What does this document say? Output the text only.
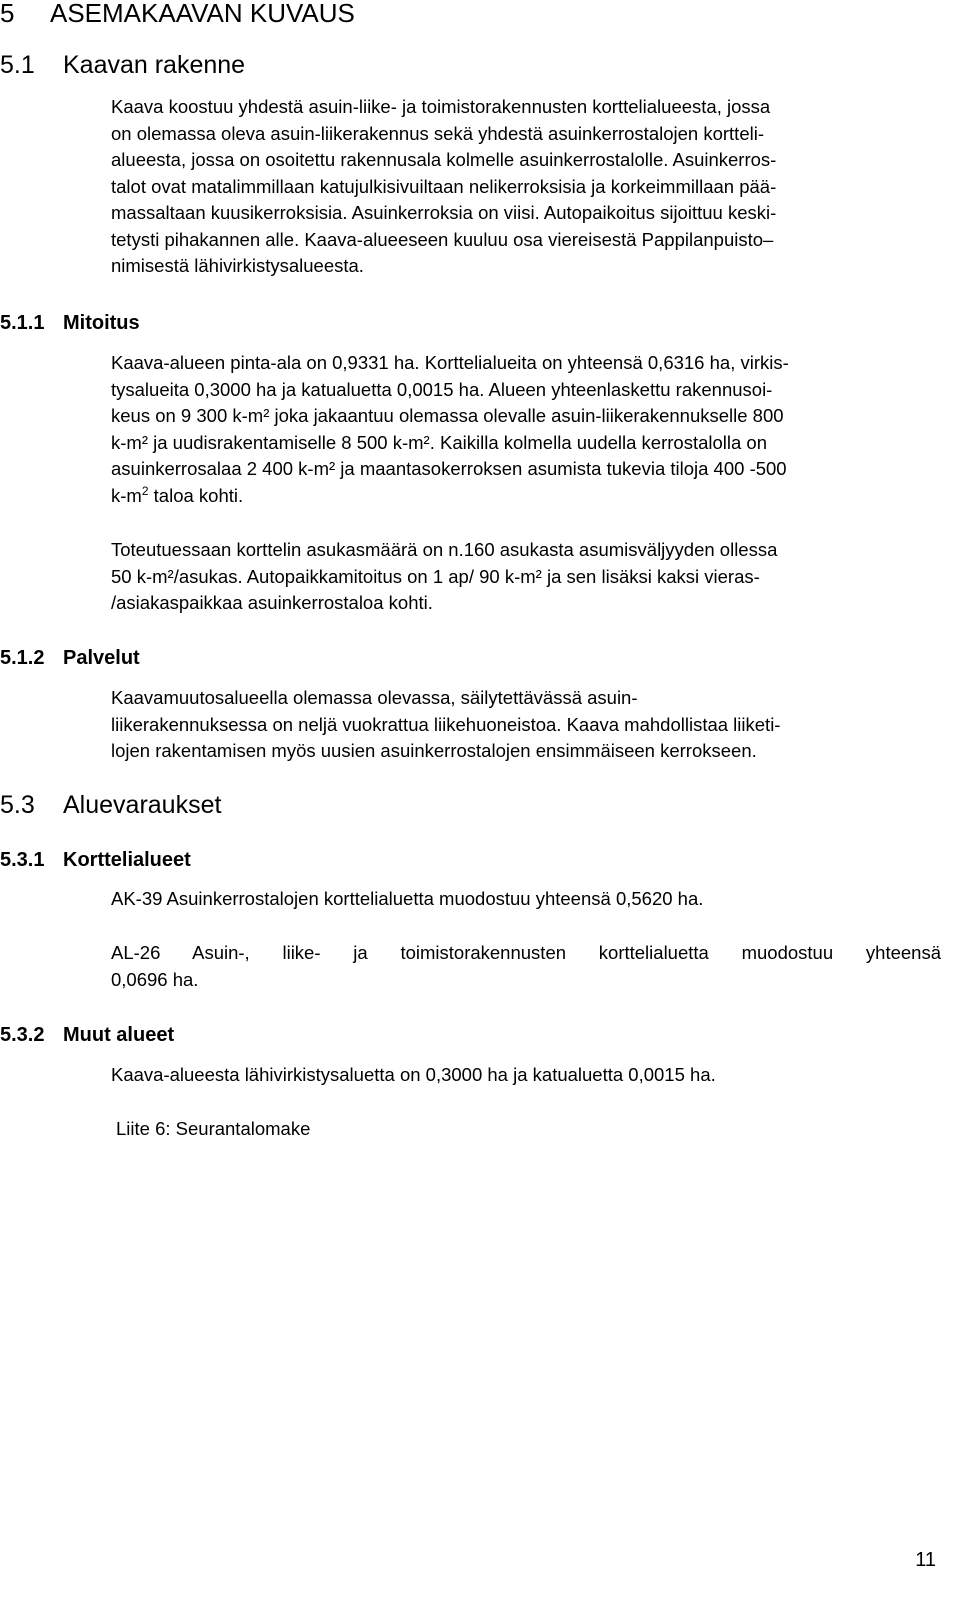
5 ASEMAKAAVAN KUVAUS
5.1 Kaavan rakenne
Kaava koostuu yhdestä asuin-liike- ja toimistorakennusten korttelialueesta, jossa
on olemassa oleva asuin-liikerakennus sekä yhdestä asuinkerrostalojen kortteli-
alueesta, jossa on osoitettu rakennusala kolmelle asuinkerrostalolle. Asuinkerros-
talot ovat matalimmillaan katujulkisivuiltaan nelikerroksisia ja korkeimmillaan pää-
massaltaan kuusikerroksisia. Asuinkerroksia on viisi. Autopaikoitus sijoittuu keski-
tetysti pihakannen alle. Kaava-alueeseen kuuluu osa viereisestä Pappilanpuisto–
nimisestä lähivirkistysalueesta.
5.1.1 Mitoitus
Kaava-alueen pinta-ala on 0,9331 ha. Korttelialueita on yhteensä 0,6316 ha, virkis-
tysalueita 0,3000 ha ja katualuetta 0,0015 ha. Alueen yhteenlaskettu rakennusoi-
keus on 9 300 k-m² joka jakaantuu olemassa olevalle asuin-liikerakennukselle 800
k-m² ja uudisrakentamiselle 8 500 k-m². Kaikilla kolmella uudella kerrostalolla on
asuinkerrosalaa 2 400 k-m² ja maantasokerroksen asumista tukevia tiloja 400 -500
$k-m^2$ taloa kohti.
Toteutuessaan korttelin asukasmäärä on n.160 asukasta asumisväljyyden ollessa
50 k-m²/asukas. Autopaikkamitoitus on 1 ap/ 90 k-m² ja sen lisäksi kaksi vieras-
/asiakaspaikkaa asuinkerrostaloa kohti.
5.1.2 Palvelut
Kaavamuutosalueella olemassa olevassa, säilytettävässä asuin-
liikerakennuksessa on neljä vuokrattua liikehuoneistoa. Kaava mahdollistaa liiketi-
lojen rakentamisen myös uusien asuinkerrostalojen ensimmäiseen kerrokseen.
5.3 Aluevaraukset
5.3.1 Korttelialueet
AK-39 Asuinkerrostalojen korttelialuetta muodostuu yhteensä 0,5620 ha.
AL-26 Asuin-, liike- ja toimistorakennusten korttelialuetta muodostuu yhteensä
0,0696 ha.
5.3.2 Muut alueet
Kaava-alueesta lähivirkistysaluetta on 0,3000 ha ja katualuetta 0,0015 ha.
Liite 6: Seurantalomake
11
